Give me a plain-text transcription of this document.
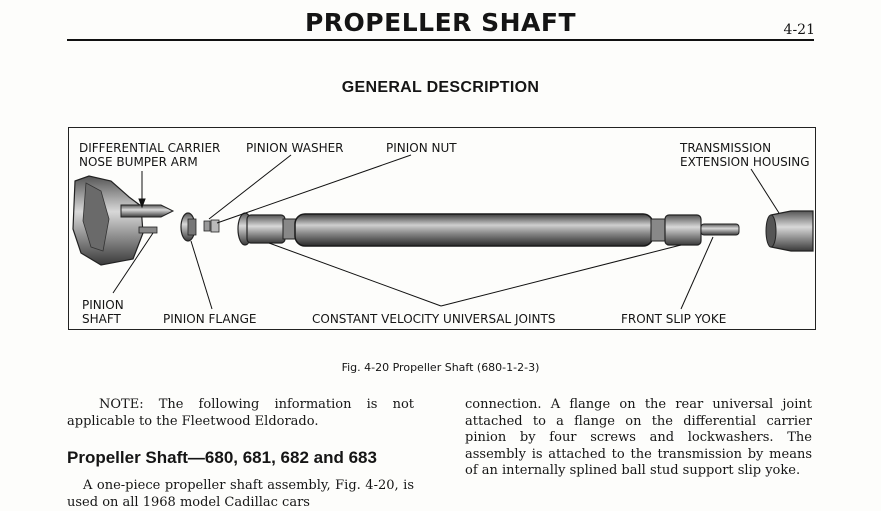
PROPELLER SHAFT	4-21
GENERAL DESCRIPTION
DIFFERENTIAL CARRIER
NOSE BUMPER ARM
PINION WASHER	PINION NUT	TRANSMISSION
EXTENSION HOUSING
PINION
SHAFT	PINION FLANGE	CONSTANT VELOCITY UNIVERSAL JOINTS	FRONT SLIP YOKE
Fig. 4-20 Propeller Shaft (680-1-2-3)

NOTE: The following information is not applicable to the Fleetwood Eldorado.

Propeller Shaft—680, 681, 682 and 683

A one-piece propeller shaft assembly, Fig. 4-20, is used on all 1968 model Cadillac cars

connection. A flange on the rear universal joint attached to a flange on the differential carrier pinion by four screws and lockwashers. The assembly is attached to the transmission by means of an internally splined ball stud support slip yoke.
